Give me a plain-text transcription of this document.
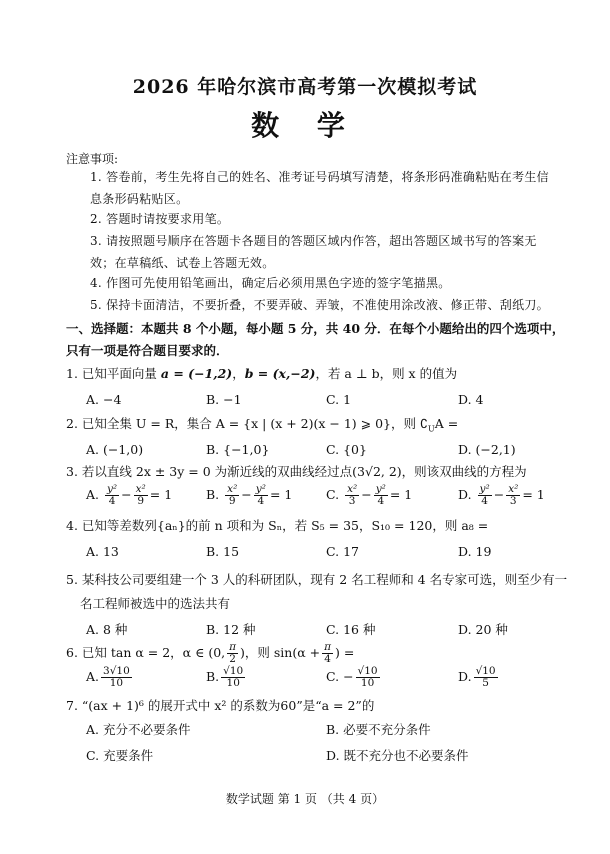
2026 年哈尔滨市高考第一次模拟考试
数 学
注意事项:
1. 答卷前，考生先将自己的姓名、准考证号码填写清楚，将条形码准确粘贴在考生信息条形码粘贴区。
2. 答题时请按要求用笔。
3. 请按照题号顺序在答题卡各题目的答题区域内作答，超出答题区域书写的答案无效；在草稿纸、试卷上答题无效。
4. 作图可先使用铅笔画出，确定后必须用黑色字迹的签字笔描黑。
5. 保持卡面清洁，不要折叠，不要弄破、弄皱，不准使用涂改液、修正带、刮纸刀。
一、选择题：本题共 8 个小题，每小题 5 分，共 40 分．在每个小题给出的四个选项中，只有一项是符合题目要求的．
1. 已知平面向量 a = (−1,2)，b = (x,−2)，若 a ⊥ b，则 x 的值为
A. −4	B. −1	C. 1	D. 4
2. 已知全集 U = R，集合 A = {x | (x + 2)(x − 1) ⩾ 0}，则 $∁_UA$ =
A. (−1,0)	B. {−1,0}	C. {0}	D. (−2,1)
3. 若以直线 2x ± 3y = 0 为渐近线的双曲线经过点(3√2, 2)，则该双曲线的方程为
A. $\frac{\text{y²}}{4} - \frac{\text{x²}}{9} = 1$	B. $\frac{\text{x²}}{9} - \frac{\text{y²}}{4} = 1$	C. $\frac{\text{x²}}{3} - \frac{\text{y²}}{4} = 1$	D. $\frac{\text{y²}}{4} - \frac{\text{x²}}{3} = 1$
4. 已知等差数列{aₙ}的前 n 项和为 Sₙ，若 S₅ = 35，S₁₀ = 120，则 a₈ =
A. 13	B. 15	C. 17	D. 19
5. 某科技公司要组建一个 3 人的科研团队，现有 2 名工程师和 4 名专家可选，则至少有一
名工程师被选中的选法共有
A. 8 种	B. 12 种	C. 16 种	D. 20 种
6. 已知 tan α = 2，α ∈ (0, $\frac{\pi}{2}$ )，则 $\sin(\alpha + \frac{\pi}{4}$ ) =
A. $\frac{3√10}{10}$	B. $\frac{√10}{10}$	C. − $\frac{√10}{10}$	D. $\frac{√10}{5}$
7. “(ax + 1)⁶ 的展开式中 x² 的系数为60”是“a = 2”的
A. 充分不必要条件	B. 必要不充分条件
C. 充要条件	D. 既不充分也不必要条件
数学试题 第 1 页 （共 4 页）
